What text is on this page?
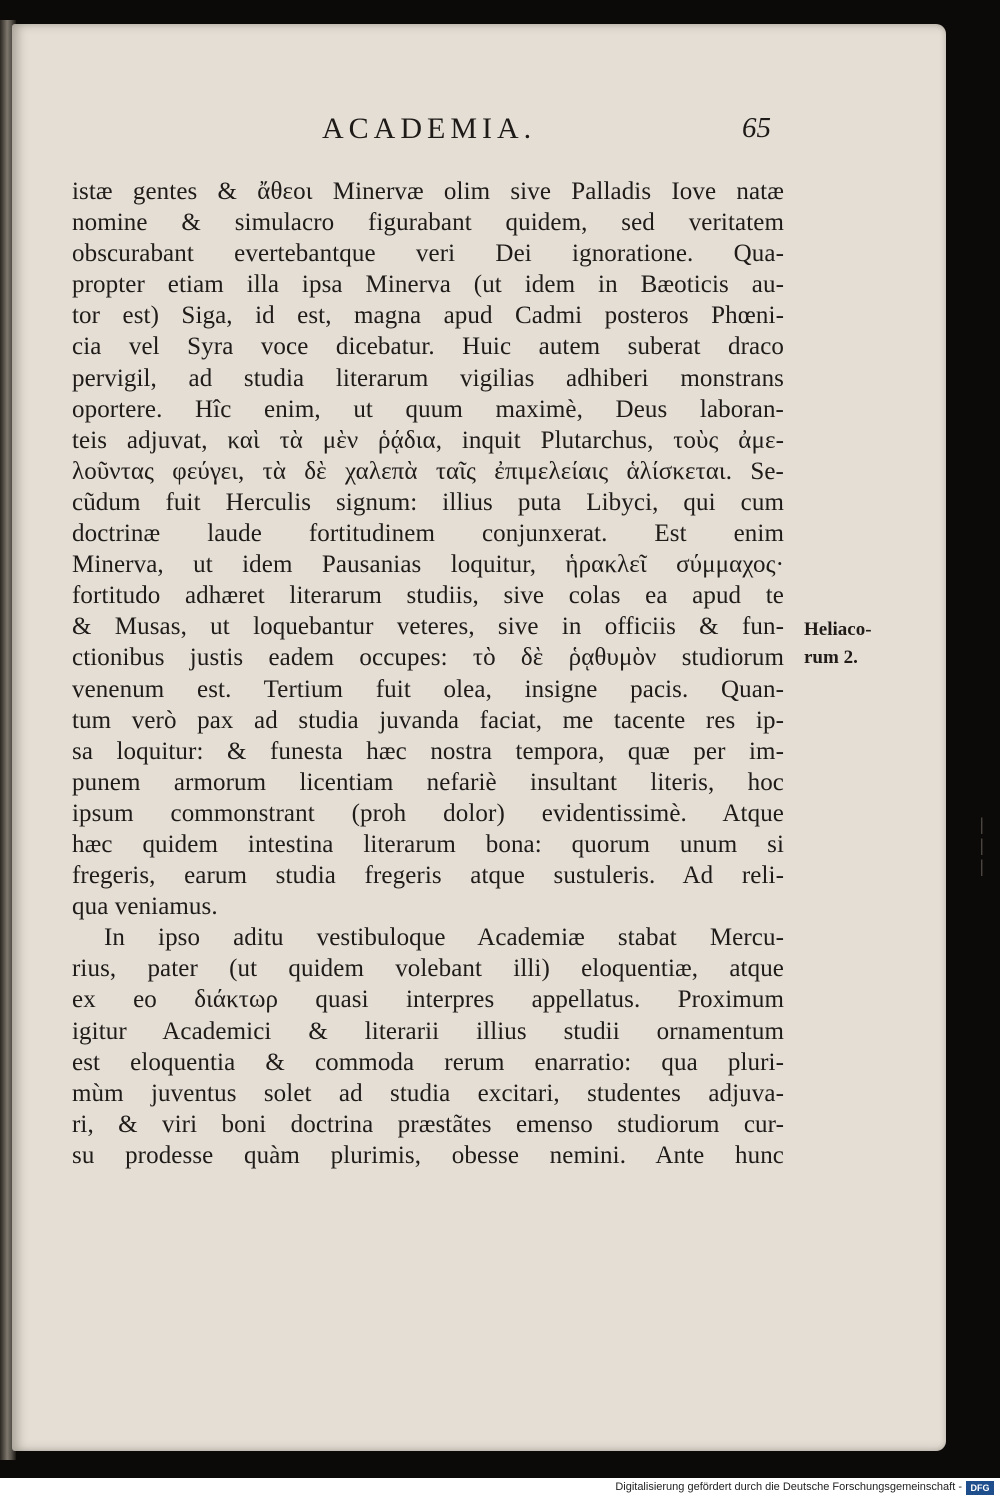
ACADEMIA.	65
istæ gentes & ἄθεοι Minervæ olim sive Palladis Iove natæ
nomine & simulacro figurabant quidem, sed veritatem
obscurabant evertebantque veri Dei ignoratione. Qua-
propter etiam illa ipsa Minerva (ut idem in Bæoticis au-
tor est) Siga, id est, magna apud Cadmi posteros Phœni-
cia vel Syra voce dicebatur. Huic autem suberat draco
pervigil, ad studia literarum vigilias adhiberi monstrans
oportere. Hîc enim, ut quum maximè, Deus laboran-
teis adjuvat, καὶ τὰ μὲν ῥᾴδια, inquit Plutarchus, τοὺς ἀμε-
λοῦντας φεύγει, τὰ δὲ χαλεπὰ ταῖς ἐπιμελείαις ἁλίσκεται. Se-
cũdum fuit Herculis signum: illius puta Libyci, qui cum
doctrinæ laude fortitudinem conjunxerat. Est enim
Minerva, ut idem Pausanias loquitur, ἡρακλεῖ σύμμαχος·
fortitudo adhæret literarum studiis, sive colas ea apud te
& Musas, ut loquebantur veteres, sive in officiis & fun-
ctionibus justis eadem occupes: τὸ δὲ ῥᾳθυμὸν studiorum
venenum est. Tertium fuit olea, insigne pacis. Quan-
tum verò pax ad studia juvanda faciat, me tacente res ip-
sa loquitur: & funesta hæc nostra tempora, quæ per im-
punem armorum licentiam nefariè insultant literis, hoc
ipsum commonstrant (proh dolor) evidentissimè. Atque
hæc quidem intestina literarum bona: quorum unum si
fregeris, earum studia fregeris atque sustuleris. Ad reli-
qua veniamus.
In ipso aditu vestibuloque Academiæ stabat Mercu-
rius, pater (ut quidem volebant illi) eloquentiæ, atque
ex eo διάκτωρ quasi interpres appellatus. Proximum
igitur Academici & literarii illius studii ornamentum
est eloquentia & commoda rerum enarratio: qua pluri-
mùm juventus solet ad studia excitari, studentes adjuva-
ri, & viri boni doctrina præstãtes emenso studiorum cur-
su prodesse quàm plurimis, obesse nemini. Ante hunc
Heliaco-
rum 2.
| | |
Digitalisierung gefördert durch die Deutsche Forschungsgemeinschaft - DFG
